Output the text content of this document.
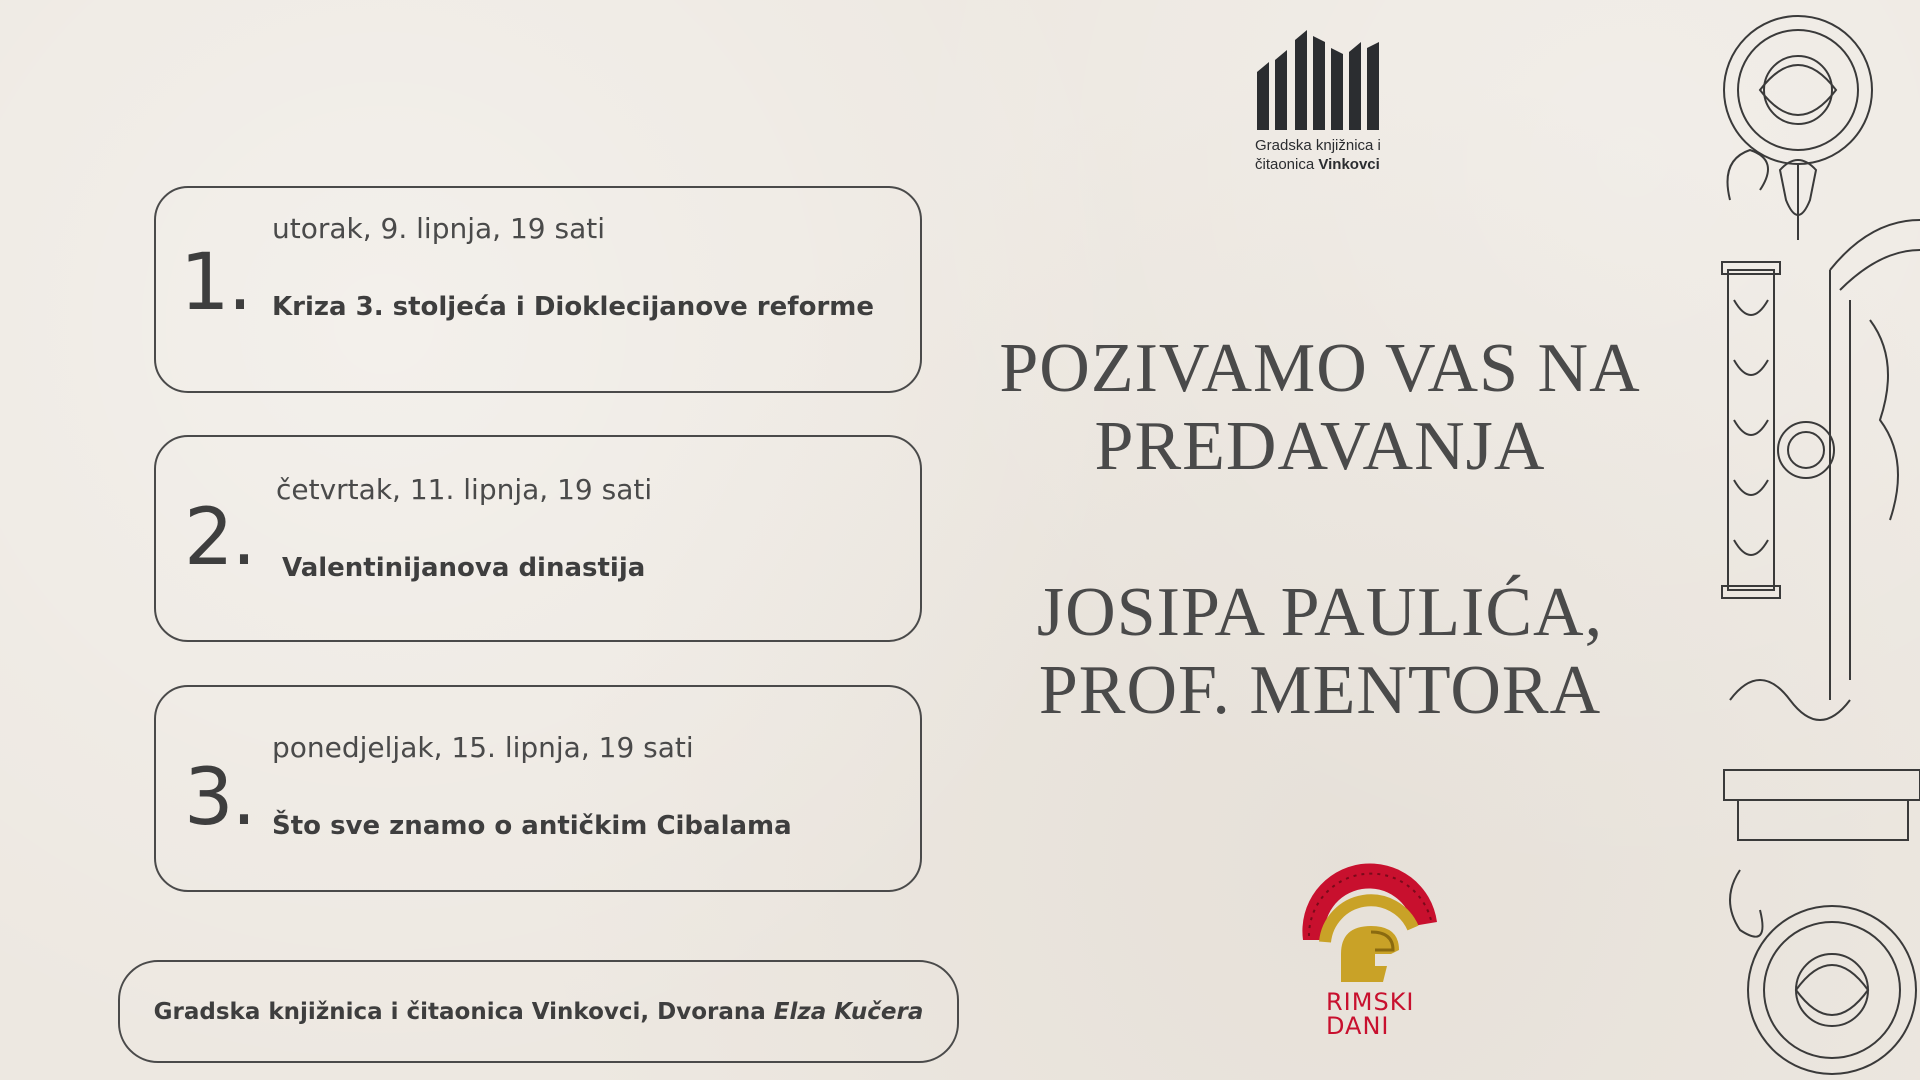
Gradska knjižnica i
čitaonica Vinkovci
1.
utorak, 9. lipnja, 19 sati
Kriza 3. stoljeća i Dioklecijanove reforme
2.
četvrtak, 11. lipnja, 19 sati
Valentinijanova dinastija
3.
ponedjeljak, 15. lipnja, 19 sati
Što sve znamo o antičkim Cibalama
Gradska knjižnica i čitaonica Vinkovci, Dvorana Elza Kučera
POZIVAMO VAS NA
PREDAVANJA
JOSIPA PAULIĆA,
PROF. MENTORA
RIMSKI
DANI
